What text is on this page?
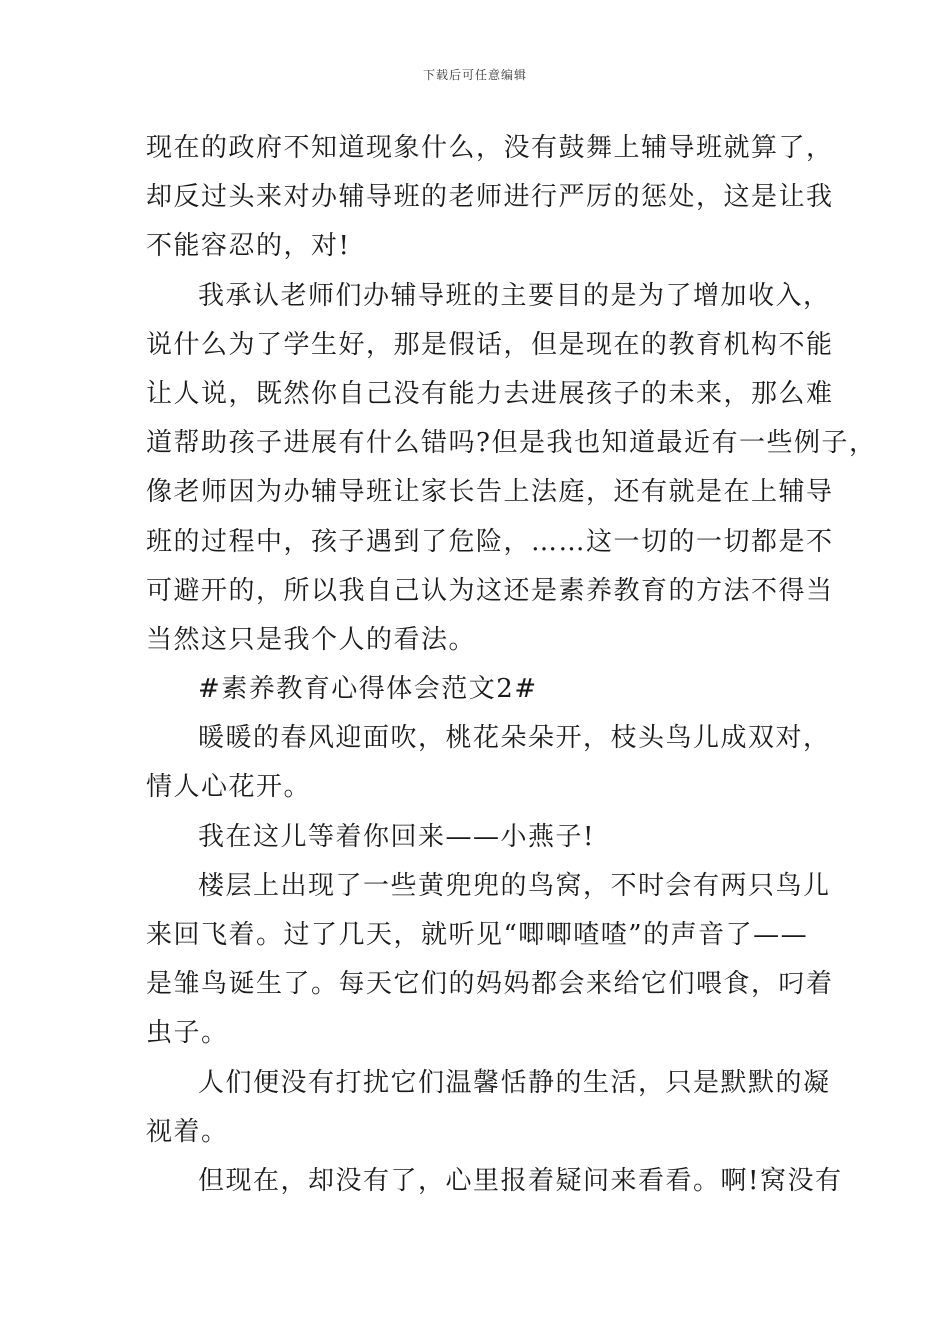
下载后可任意编辑
现在的政府不知道现象什么，没有鼓舞上辅导班就算了，
却反过头来对办辅导班的老师进行严厉的惩处，这是让我
不能容忍的，对!
我承认老师们办辅导班的主要目的是为了增加收入，
说什么为了学生好，那是假话，但是现在的教育机构不能
让人说，既然你自己没有能力去进展孩子的未来，那么难
道帮助孩子进展有什么错吗?但是我也知道最近有一些例子，
像老师因为办辅导班让家长告上法庭，还有就是在上辅导
班的过程中，孩子遇到了危险，……这一切的一切都是不
可避开的，所以我自己认为这还是素养教育的方法不得当
当然这只是我个人的看法。
#素养教育心得体会范文2#
暖暖的春风迎面吹，桃花朵朵开，枝头鸟儿成双对，
情人心花开。
我在这儿等着你回来——小燕子!
楼层上出现了一些黄兜兜的鸟窝，不时会有两只鸟儿
来回飞着。过了几天，就听见“唧唧喳喳”的声音了——
是雏鸟诞生了。每天它们的妈妈都会来给它们喂食，叼着
虫子。
人们便没有打扰它们温馨恬静的生活，只是默默的凝
视着。
但现在，却没有了，心里报着疑问来看看。啊!窝没有
